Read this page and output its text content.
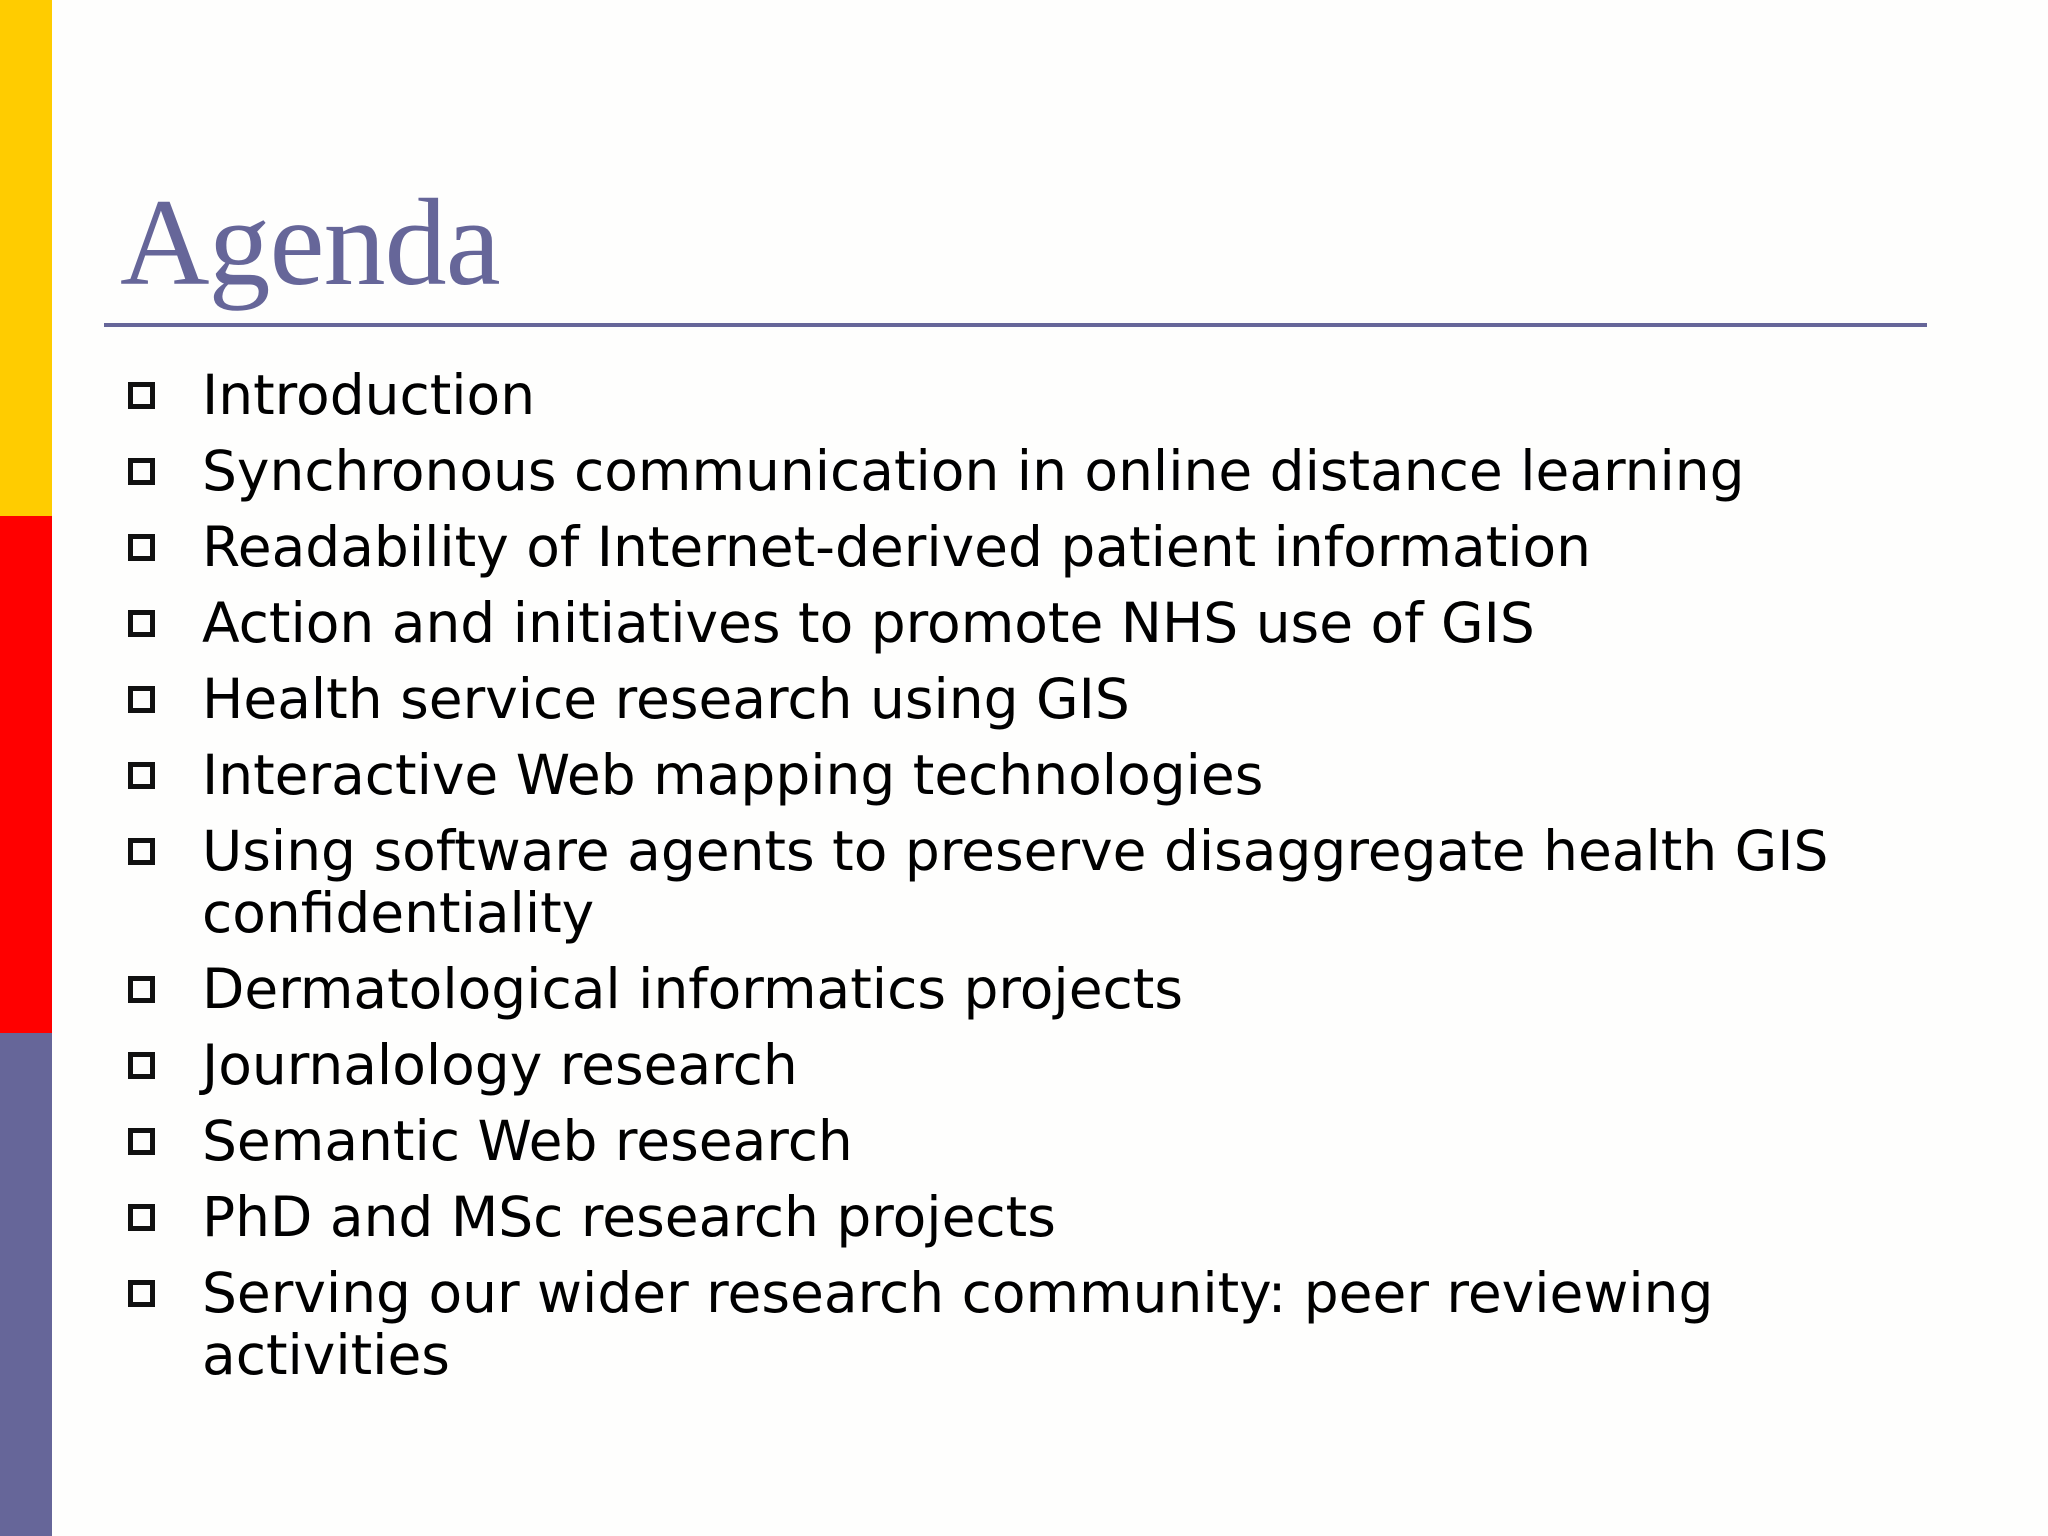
Agenda
Introduction
Synchronous communication in online distance learning
Readability of Internet-derived patient information
Action and initiatives to promote NHS use of GIS
Health service research using GIS
Interactive Web mapping technologies
Using software agents to preserve disaggregate health GIS confidentiality
Dermatological informatics projects
Journalology research
Semantic Web research
PhD and MSc research projects
Serving our wider research community: peer reviewing activities
